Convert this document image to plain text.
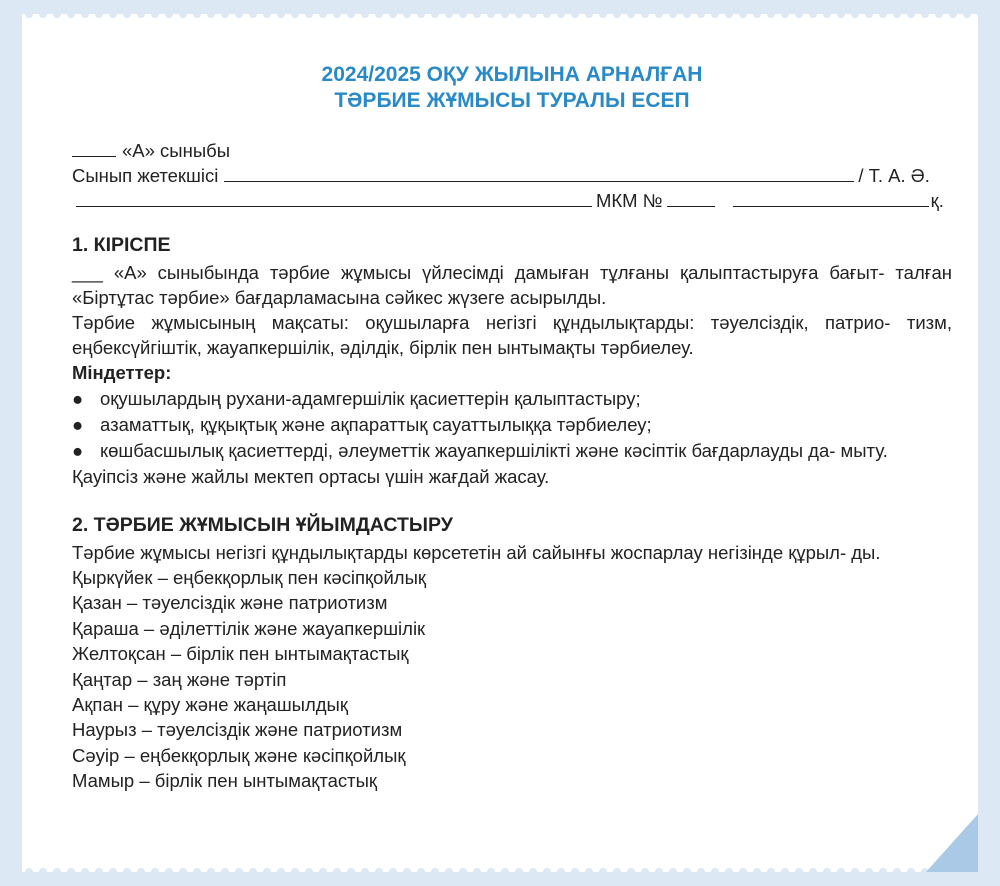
2024/2025 ОҚУ ЖЫЛЫНА АРНАЛҒАН
ТӘРБИЕ ЖҰМЫСЫ ТУРАЛЫ ЕСЕП
«А» сыныбы
Сынып жетекшісі	/ Т. А. Ә.
МКМ №	қ.
1. КІРІСПЕ

___ «А» сыныбында тәрбие жұмысы үйлесімді дамыған тұлғаны қалыптастыруға бағыт- талған «Біртұтас тәрбие» бағдарламасына сәйкес жүзеге асырылды.

Тәрбие жұмысының мақсаты: оқушыларға негізгі құндылықтарды: тәуелсіздік, патрио- тизм, еңбексүйгіштік, жауапкершілік, әділдік, бірлік пен ынтымақты тәрбиелеу.

Міндеттер:
● оқушылардың рухани-адамгершілік қасиеттерін қалыптастыру;
● азаматтық, құқықтық және ақпараттық сауаттылыққа тәрбиелеу;
● көшбасшылық қасиеттерді, әлеуметтік жауапкершілікті және кәсіптік бағдарлауды да- мыту.

Қауіпсіз және жайлы мектеп ортасы үшін жағдай жасау.

2. ТӘРБИЕ ЖҰМЫСЫН ҰЙЫМДАСТЫРУ

Тәрбие жұмысы негізгі құндылықтарды көрсететін ай сайынғы жоспарлау негізінде құрыл- ды.

Қыркүйек – еңбекқорлық пен кәсіпқойлық
Қазан – тәуелсіздік және патриотизм
Қараша – әділеттілік және жауапкершілік
Желтоқсан – бірлік пен ынтымақтастық
Қаңтар – заң және тәртіп
Ақпан – құру және жаңашылдық
Наурыз – тәуелсіздік және патриотизм
Сәуір – еңбекқорлық және кәсіпқойлық
Мамыр – бірлік пен ынтымақтастық
